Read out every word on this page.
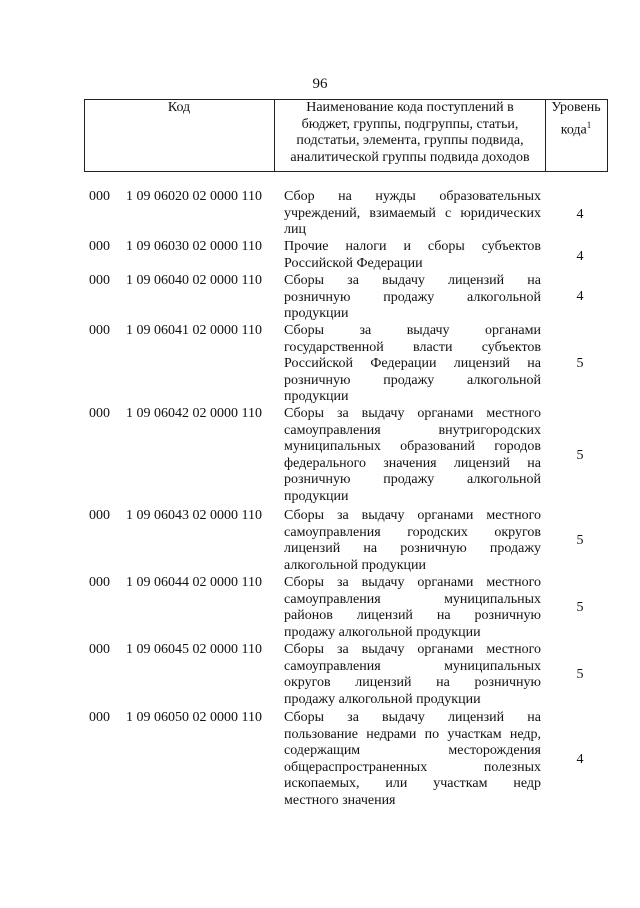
96
Код	Наименование кода поступлений в
бюджет, группы, подгруппы, статьи,
подстатьи, элемента, группы подвида,
аналитической группы подвида доходов
Уровень
кода$^1$
000 1 09 06020 02 0000 110 Сбор на нужды образовательных
учреждений, взимаемый с юридических
лиц
4
000 1 09 06030 02 0000 110 Прочие налоги и сборы субъектов
Российской Федерации	4
000 1 09 06040 02 0000 110 Сборы за выдачу лицензий на
розничную продажу алкогольной
продукции
4
000 1 09 06041 02 0000 110 Сборы за выдачу органами
государственной власти субъектов
Российской Федерации лицензий на
розничную продажу алкогольной
продукции
5
000 1 09 06042 02 0000 110 Сборы за выдачу органами местного
самоуправления внутригородских
муниципальных образований городов
федерального значения лицензий на
розничную продажу алкогольной
продукции
5
000 1 09 06043 02 0000 110 Сборы за выдачу органами местного
самоуправления городских округов
лицензий на розничную продажу
алкогольной продукции
5
000 1 09 06044 02 0000 110 Сборы за выдачу органами местного
самоуправления муниципальных
районов лицензий на розничную
продажу алкогольной продукции
5
000 1 09 06045 02 0000 110 Сборы за выдачу органами местного
самоуправления муниципальных
округов лицензий на розничную
продажу алкогольной продукции
5
000 1 09 06050 02 0000 110 Сборы за выдачу лицензий на
пользование недрами по участкам недр,
содержащим месторождения
общераспространенных полезных
ископаемых, или участкам недр
местного значения
4
